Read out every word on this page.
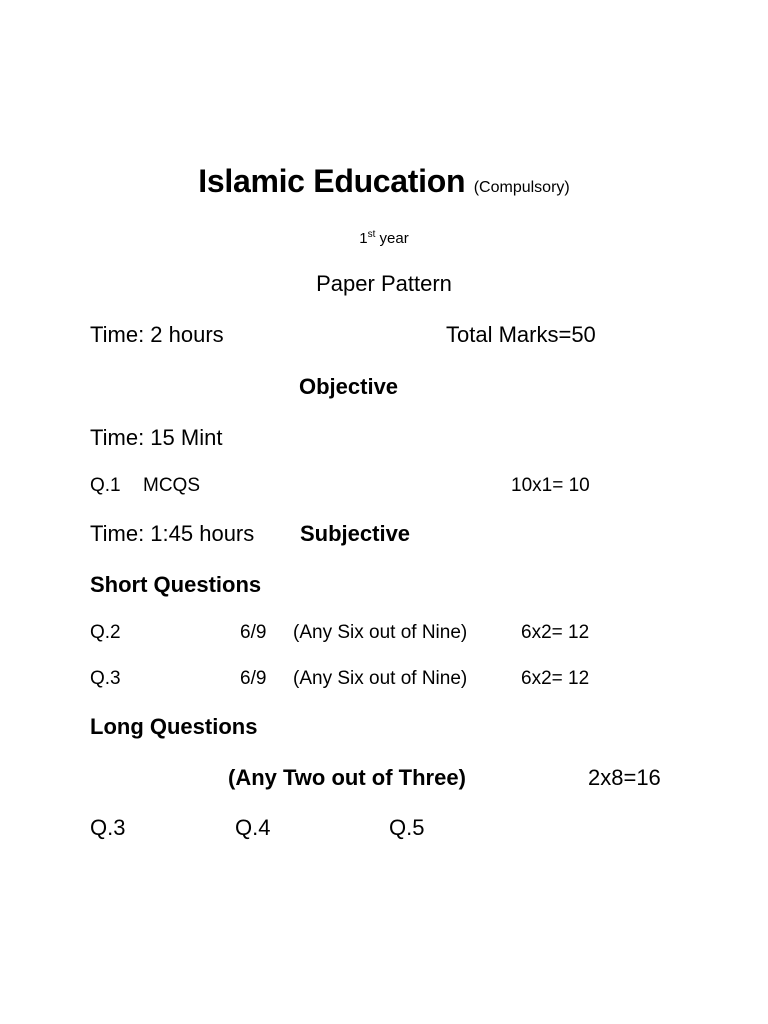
Islamic Education (Compulsory)
1st year
Paper Pattern
Time: 2 hours	Total Marks=50
Objective
Time: 15 Mint
Q.1 MCQS	10x1= 10
Time: 1:45 hours Subjective
Short Questions
Q.2	6/9 (Any Six out of Nine)	6x2= 12
Q.3	6/9 (Any Six out of Nine)	6x2= 12
Long Questions
(Any Two out of Three)	2x8=16
Q.3	Q.4	Q.5
